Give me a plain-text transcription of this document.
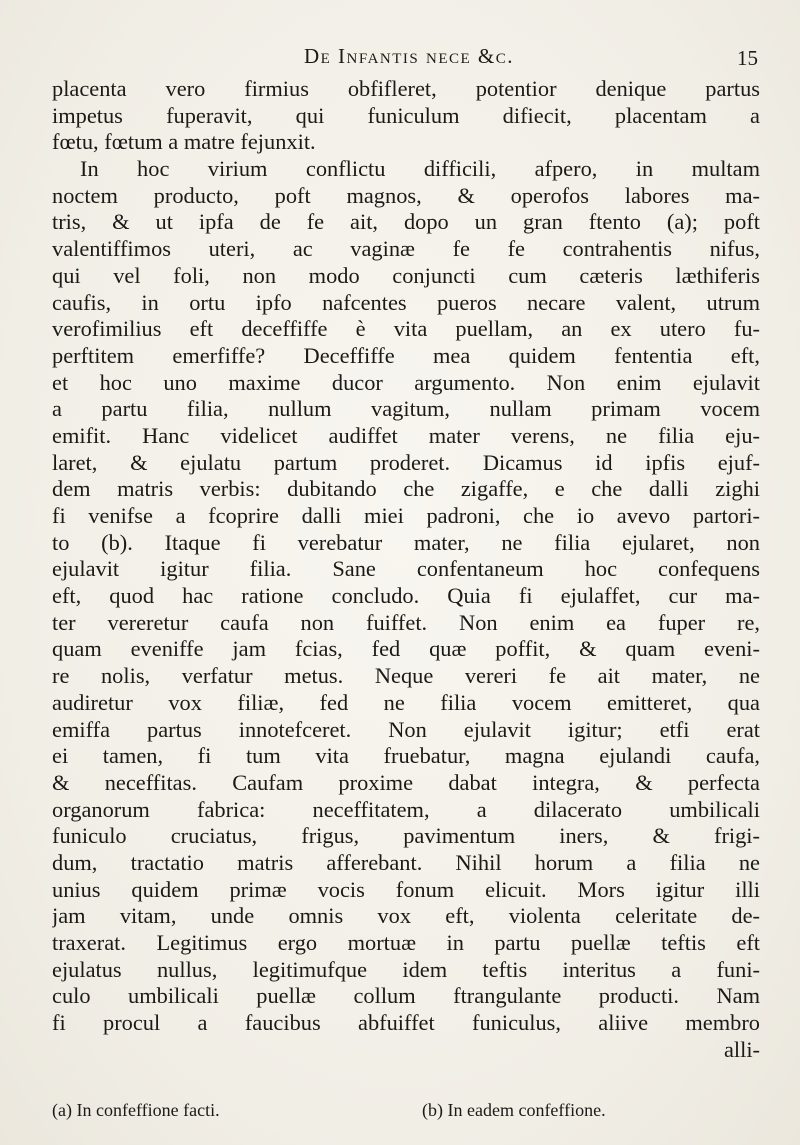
De Infantis nece &c.	15
placenta vero firmius obfifleret, potentior denique partus
impetus fuperavit, qui funiculum difiecit, placentam a
fœtu, fœtum a matre fejunxit.
In hoc virium conflictu difficili, afpero, in multam
noctem producto, poft magnos, & operofos labores ma-
tris, & ut ipfa de fe ait, dopo un gran ftento (a); poft
valentiffimos uteri, ac vaginæ fe fe contrahentis nifus,
qui vel foli, non modo conjuncti cum cæteris læthiferis
caufis, in ortu ipfo nafcentes pueros necare valent, utrum
verofimilius eft deceffiffe è vita puellam, an ex utero fu-
perftitem emerfiffe? Deceffiffe mea quidem fententia eft,
et hoc uno maxime ducor argumento. Non enim ejulavit
a partu filia, nullum vagitum, nullam primam vocem
emifit. Hanc videlicet audiffet mater verens, ne filia eju-
laret, & ejulatu partum proderet. Dicamus id ipfis ejuf-
dem matris verbis: dubitando che zigaffe, e che dalli zighi
fi venifse a fcoprire dalli miei padroni, che io avevo partori-
to (b). Itaque fi verebatur mater, ne filia ejularet, non
ejulavit igitur filia. Sane confentaneum hoc confequens
eft, quod hac ratione concludo. Quia fi ejulaffet, cur ma-
ter vereretur caufa non fuiffet. Non enim ea fuper re,
quam eveniffe jam fcias, fed quæ poffit, & quam eveni-
re nolis, verfatur metus. Neque vereri fe ait mater, ne
audiretur vox filiæ, fed ne filia vocem emitteret, qua
emiffa partus innotefceret. Non ejulavit igitur; etfi erat
ei tamen, fi tum vita fruebatur, magna ejulandi caufa,
& neceffitas. Caufam proxime dabat integra, & perfecta
organorum fabrica: neceffitatem, a dilacerato umbilicali
funiculo cruciatus, frigus, pavimentum iners, & frigi-
dum, tractatio matris afferebant. Nihil horum a filia ne
unius quidem primæ vocis fonum elicuit. Mors igitur illi
jam vitam, unde omnis vox eft, violenta celeritate de-
traxerat. Legitimus ergo mortuæ in partu puellæ teftis eft
ejulatus nullus, legitimufque idem teftis interitus a funi-
culo umbilicali puellæ collum ftrangulante producti. Nam
fi procul a faucibus abfuiffet funiculus, aliive membro
alli-
(a) In confeffione facti.	(b) In eadem confeffione.
